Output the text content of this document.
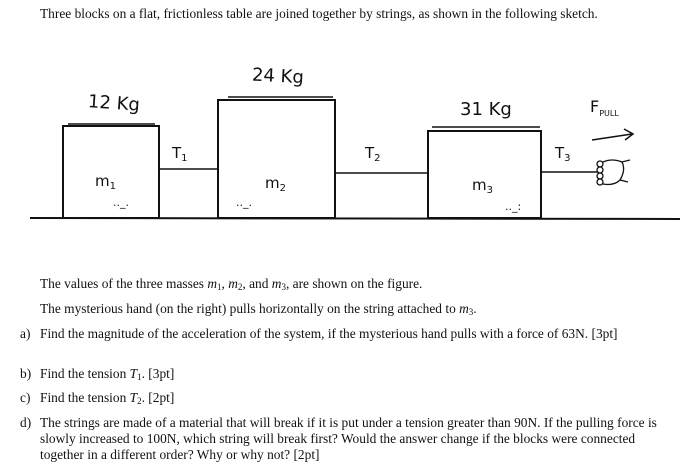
Three blocks on a flat, frictionless table are joined together by strings, as shown in the following sketch.
12 Kg
$m_1$
.._.
$T_1$
24 Kg
$m_2$
.._.
$T_2$
31 Kg
$m_3$
.._:
$T_3$
$F_{PULL}$
The values of the three masses $m_1$, $m_2$, and $m_3$, are shown on the figure.
The mysterious hand (on the right) pulls horizontally on the string attached to $m_3$.
a) Find the magnitude of the acceleration of the system, if the mysterious hand pulls with a force of 63N. [3pt]
b) Find the tension $T_1$. [3pt]
c) Find the tension $T_2$. [2pt]
d) The strings are made of a material that will break if it is put under a tension greater than 90N. If the pulling force is slowly increased to 100N, which string will break first? Would the answer change if the blocks were connected together in a different order? Why or why not? [2pt]
